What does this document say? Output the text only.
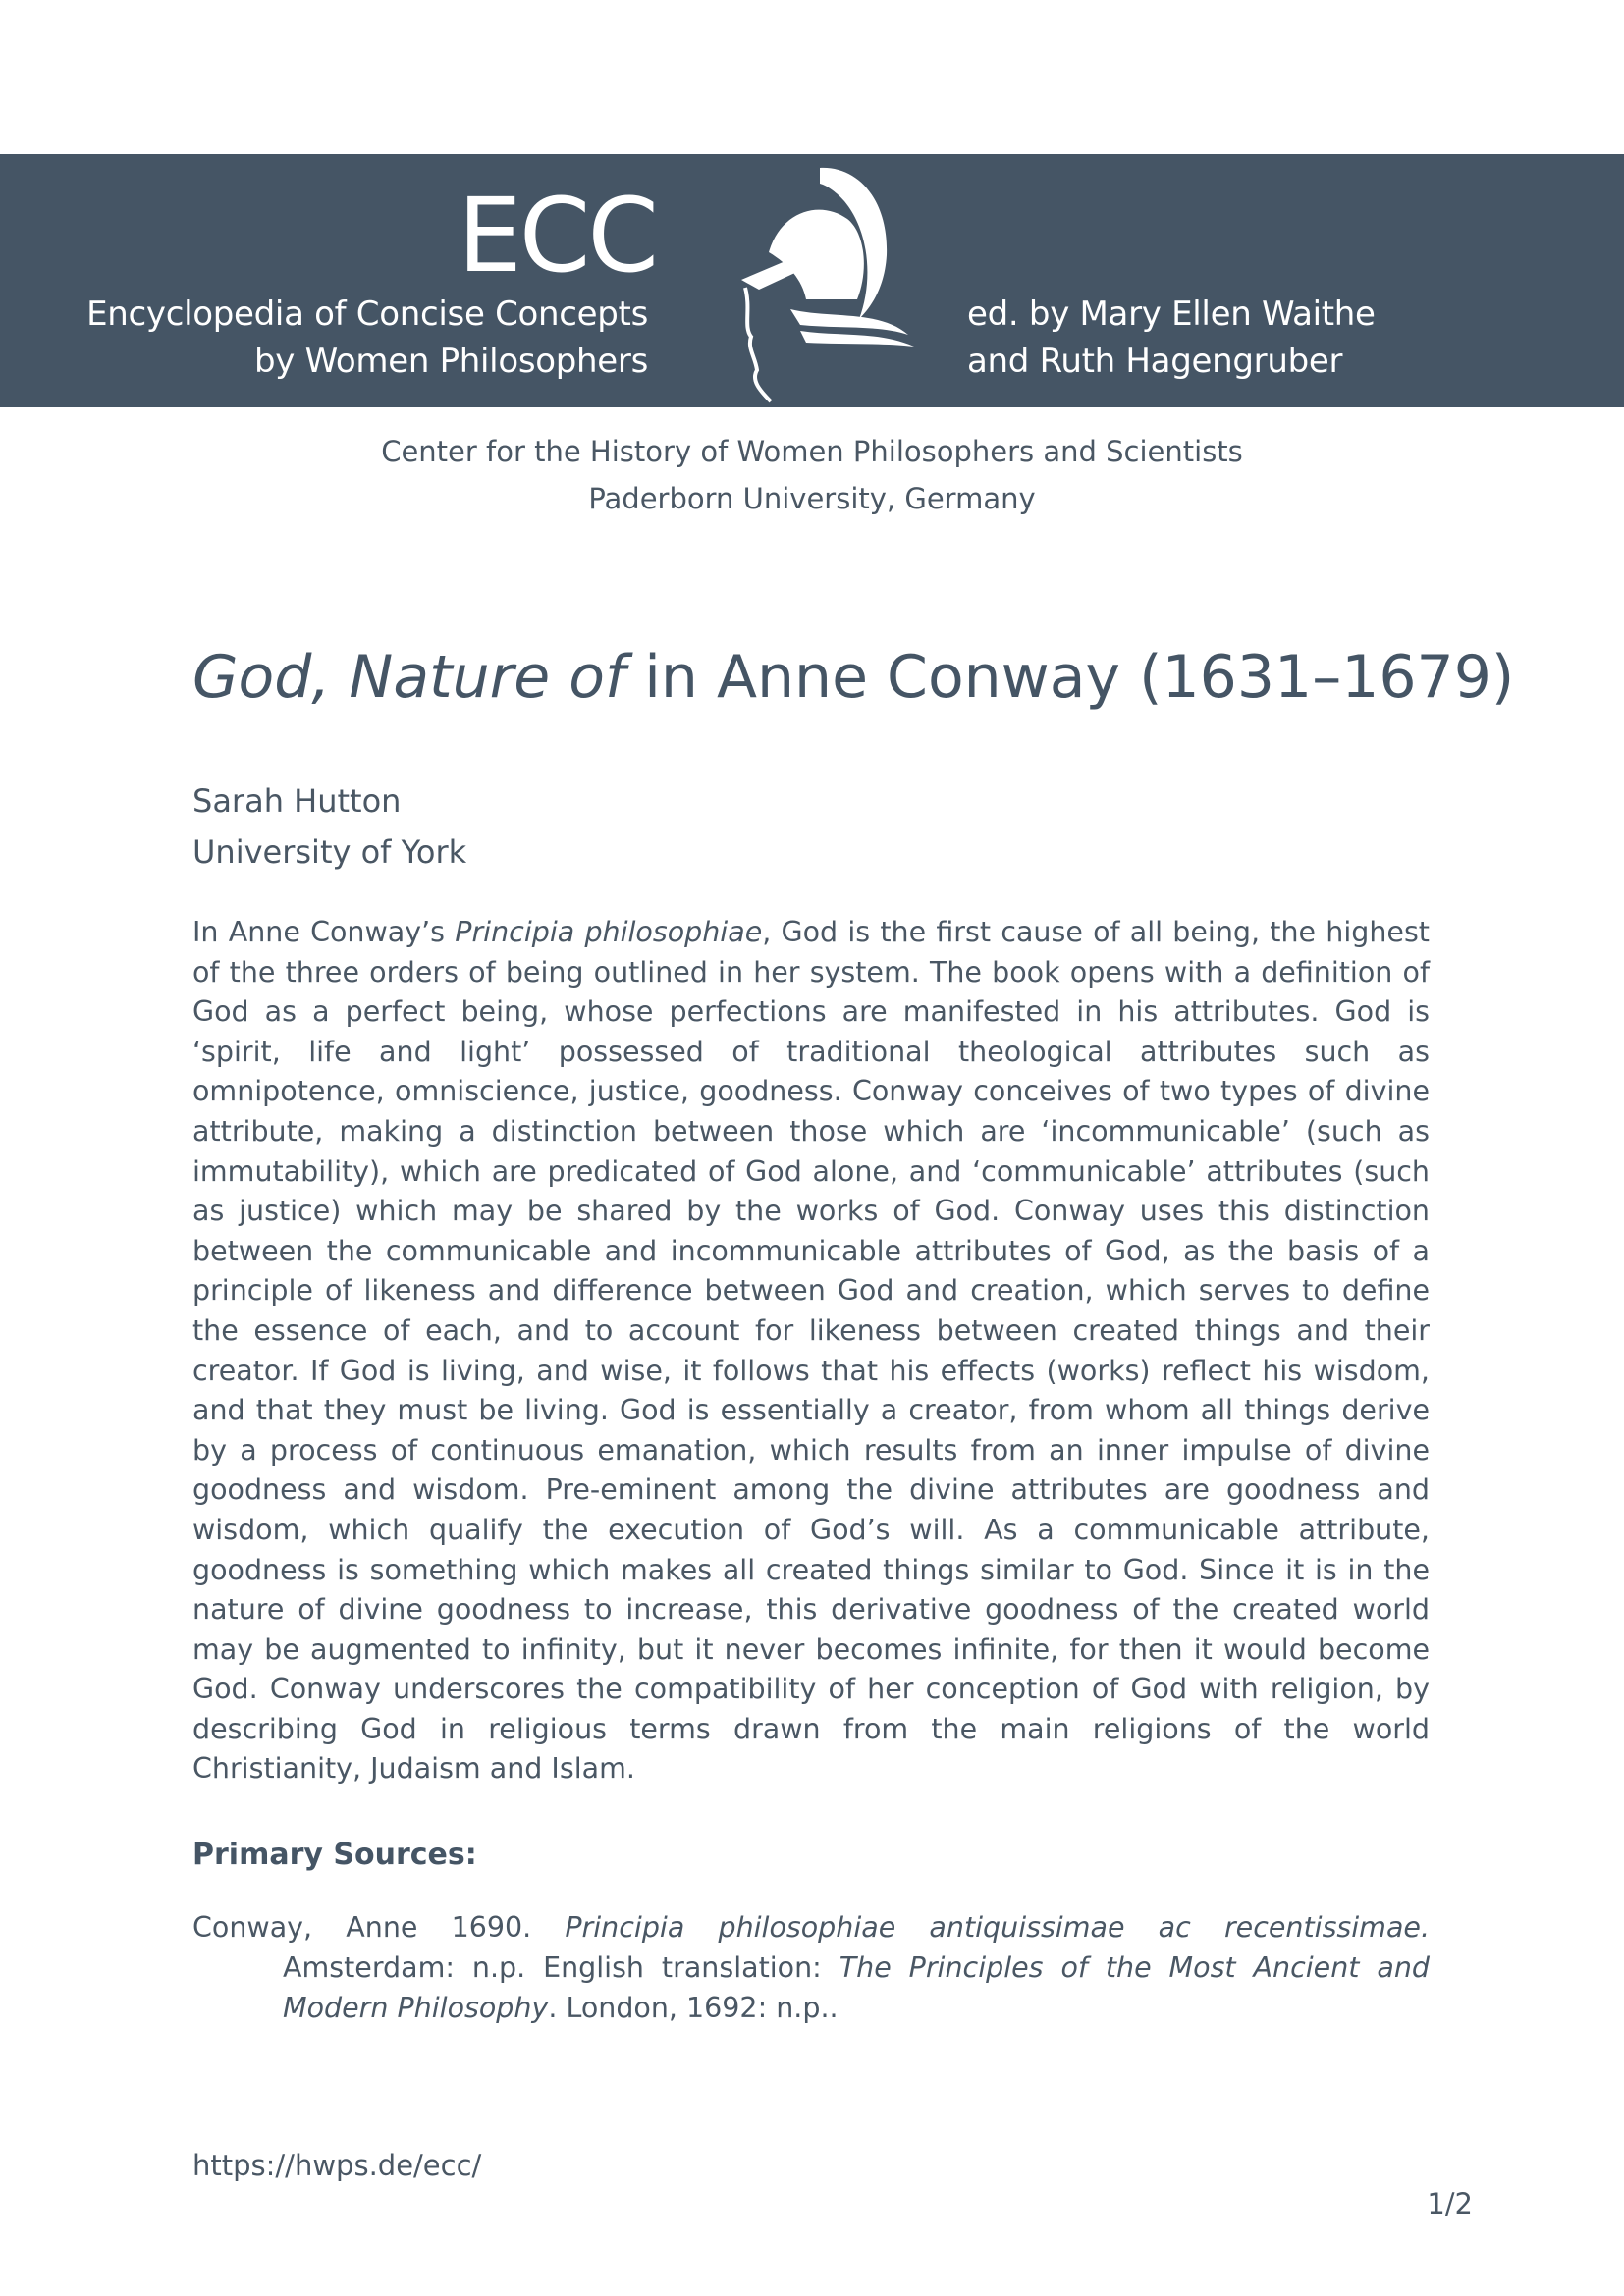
ECC
Encyclopedia of Concise Concepts
by Women Philosophers
ed. by Mary Ellen Waithe
and Ruth Hagengruber
Center for the History of Women Philosophers and Scientists
Paderborn University, Germany
God, Nature of in Anne Conway (1631–1679)
Sarah Hutton
University of York
In Anne Conway’s Principia philosophiae, God is the first cause of all being, the highest of the three orders of being outlined in her system. The book opens with a definition of God as a perfect being, whose perfections are manifested in his attributes. God is ‘spirit, life and light’ possessed of traditional theological attributes such as omnipotence, omniscience, justice, goodness. Conway conceives of two types of divine attribute, making a distinction between those which are ‘incommunicable’ (such as immutability), which are predicated of God alone, and ‘communicable’ attributes (such as justice) which may be shared by the works of God. Conway uses this distinction between the communicable and incommunicable attributes of God, as the basis of a principle of likeness and difference between God and creation, which serves to define the essence of each, and to account for likeness between created things and their creator. If God is living, and wise, it follows that his effects (works) reflect his wisdom, and that they must be living. God is essentially a creator, from whom all things derive by a process of continuous emanation, which results from an inner impulse of divine goodness and wisdom. Pre-eminent among the divine attributes are goodness and wisdom, which qualify the execution of God’s will. As a communicable attribute, goodness is something which makes all created things similar to God. Since it is in the nature of divine goodness to increase, this derivative goodness of the created world may be augmented to infinity, but it never becomes infinite, for then it would become God. Conway underscores the compatibility of her conception of God with religion, by describing God in religious terms drawn from the main religions of the world Christianity, Judaism and Islam.
Primary Sources:
Conway, Anne 1690. Principia philosophiae antiquissimae ac recentissimae. Amsterdam: n.p. English translation: The Principles of the Most Ancient and Modern Philosophy. London, 1692: n.p..
https://hwps.de/ecc/
1/2
